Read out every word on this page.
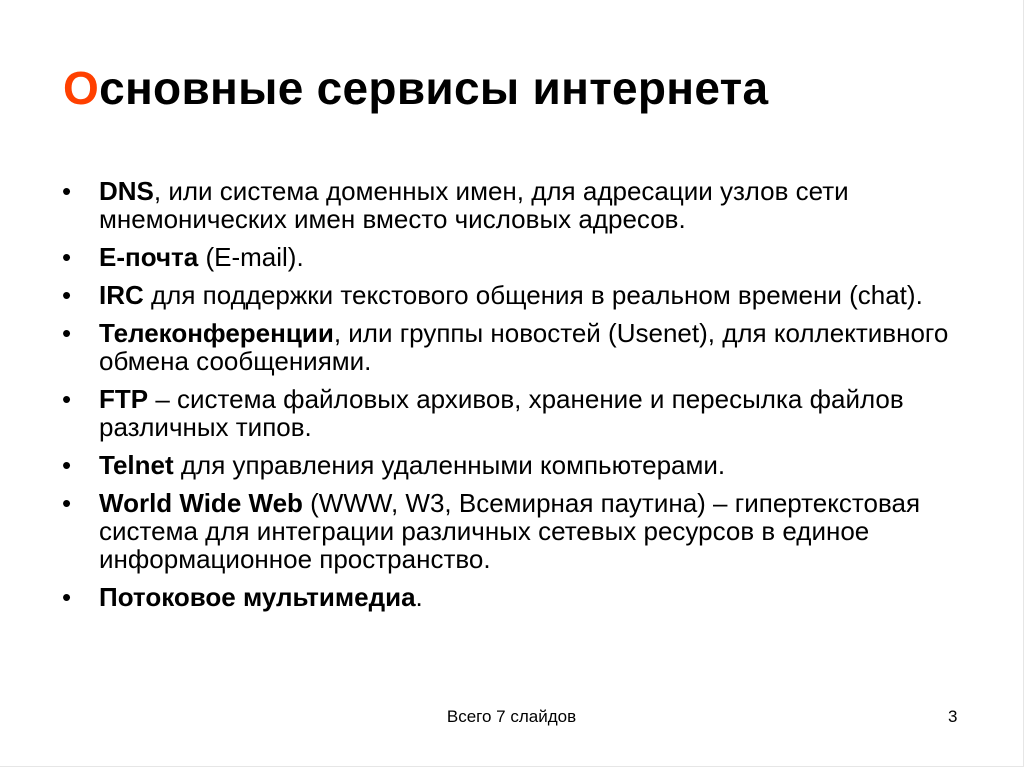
Основные сервисы интернета
• DNS, или система доменных имен, для адресации узлов сети мнемонических имен вместо числовых адресов.
• E-почта (E-mail).
• IRC для поддержки текстового общения в реальном времени (chat).
• Телеконференции, или группы новостей (Usenet), для коллективного обмена сообщениями.
• FTP – система файловых архивов, хранение и пересылка файлов различных типов.
• Telnet для управления удаленными компьютерами.
• World Wide Web (WWW, W3, Всемирная паутина) – гипертекстовая система для интеграции различных сетевых ресурсов в единое информационное пространство.
• Потоковое мультимедиа.
Всего 7 слайдов	3
